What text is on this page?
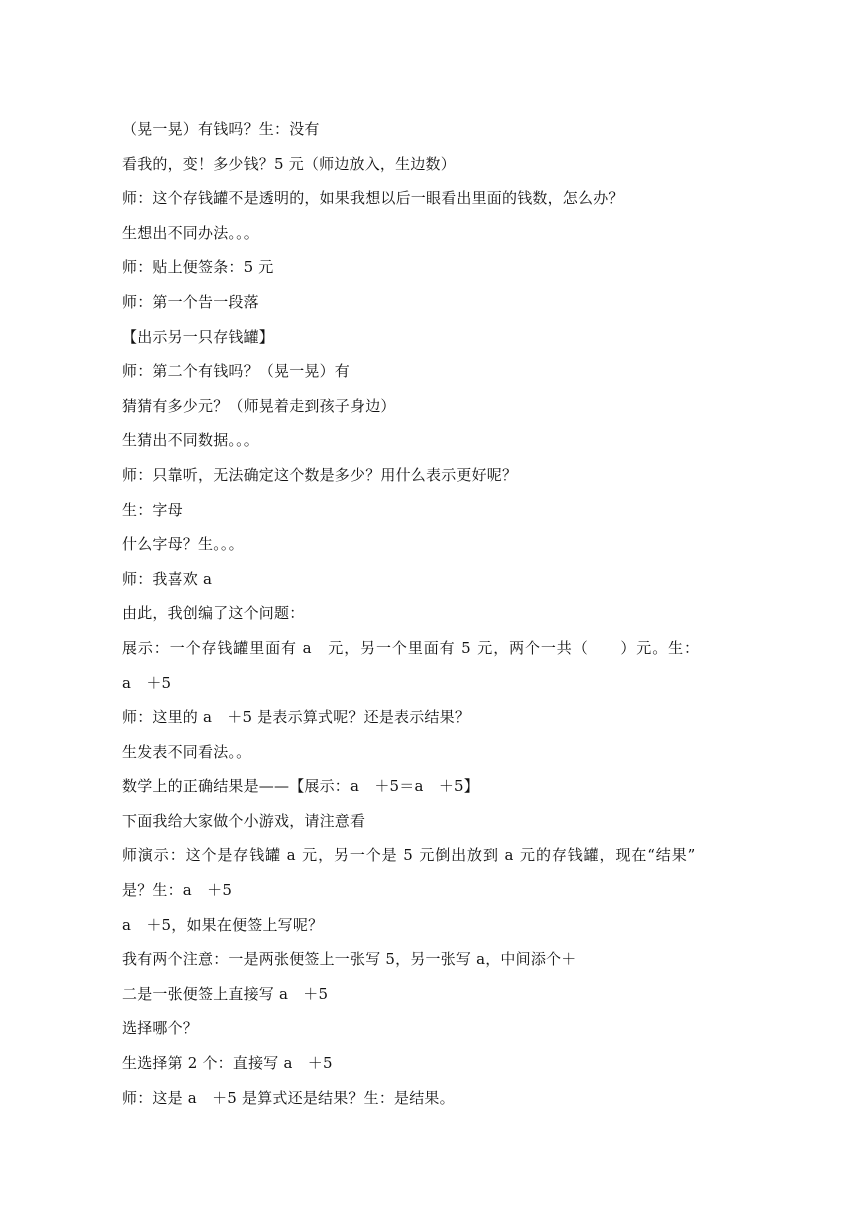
（晃一晃）有钱吗？生：没有
看我的，变！多少钱？5 元（师边放入，生边数）
师：这个存钱罐不是透明的，如果我想以后一眼看出里面的钱数，怎么办？
生想出不同办法。。。
师：贴上便签条：5 元
师：第一个告一段落
【出示另一只存钱罐】
师：第二个有钱吗？（晃一晃）有
猜猜有多少元？（师晃着走到孩子身边）
生猜出不同数据。。。
师：只靠听，无法确定这个数是多少？用什么表示更好呢？
生：字母
什么字母？生。。。
师：我喜欢 a
由此，我创编了这个问题：
展示：一个存钱罐里面有 a　元，另一个里面有 5 元，两个一共（　　）元。生：
a　＋5
师：这里的 a　＋5 是表示算式呢？还是表示结果？
生发表不同看法。。
数学上的正确结果是——【展示：a　＋5＝a　＋5】
下面我给大家做个小游戏，请注意看
师演示：这个是存钱罐 a 元，另一个是 5 元倒出放到 a 元的存钱罐，现在“结果”
是？生：a　＋5
a　＋5，如果在便签上写呢？
我有两个注意：一是两张便签上一张写 5，另一张写 a，中间添个＋
二是一张便签上直接写 a　＋5
选择哪个？
生选择第 2 个：直接写 a　＋5
师：这是 a　＋5 是算式还是结果？生：是结果。
